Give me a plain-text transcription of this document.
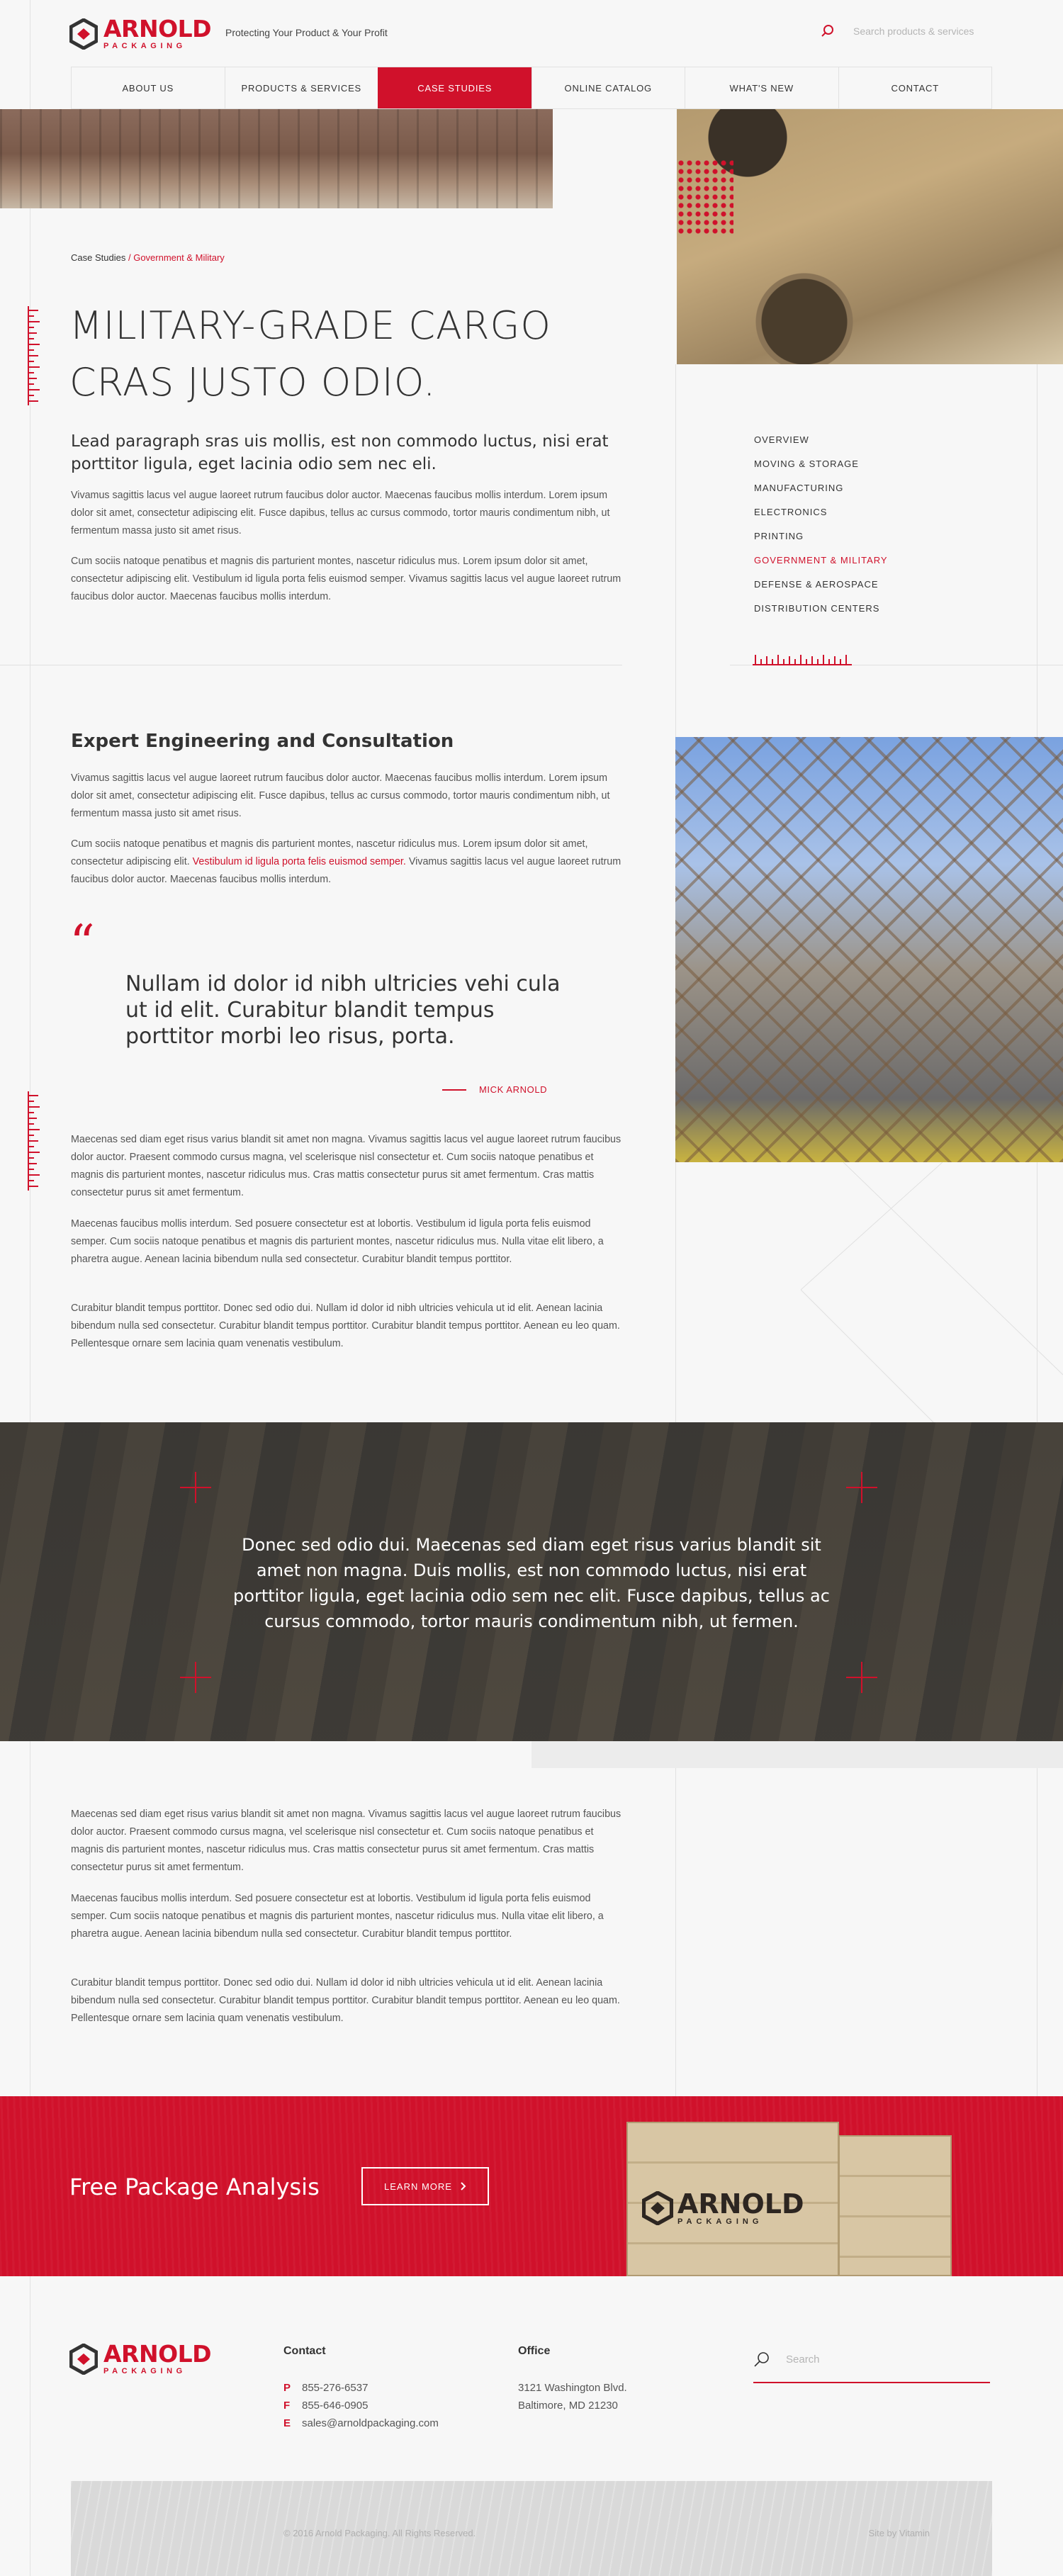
ARNOLD
PACKAGING
Protecting Your Product & Your Profit	Search products & services
ABOUT US	PRODUCTS & SERVICES	CASE STUDIES	ONLINE CATALOG	WHAT'S NEW	CONTACT
Case Studies / Government & Military
MILITARY-GRADE CARGO CRAS JUSTO ODIO.

Lead paragraph sras uis mollis, est non commodo luctus, nisi erat porttitor ligula, eget lacinia odio sem nec eli.

Vivamus sagittis lacus vel augue laoreet rutrum faucibus dolor auctor. Maecenas faucibus mollis interdum. Lorem ipsum dolor sit amet, consectetur adipiscing elit. Fusce dapibus, tellus ac cursus commodo, tortor mauris condimentum nibh, ut fermentum massa justo sit amet risus.

Cum sociis natoque penatibus et magnis dis parturient montes, nascetur ridiculus mus. Lorem ipsum dolor sit amet, consectetur adipiscing elit. Vestibulum id ligula porta felis euismod semper. Vivamus sagittis lacus vel augue laoreet rutrum faucibus dolor auctor. Maecenas faucibus mollis interdum.

OVERVIEW
MOVING & STORAGE
MANUFACTURING
ELECTRONICS
PRINTING
GOVERNMENT & MILITARY
DEFENSE & AEROSPACE
DISTRIBUTION CENTERS
Expert Engineering and Consultation

Vivamus sagittis lacus vel augue laoreet rutrum faucibus dolor auctor. Maecenas faucibus mollis interdum. Lorem ipsum dolor sit amet, consectetur adipiscing elit. Fusce dapibus, tellus ac cursus commodo, tortor mauris condimentum nibh, ut fermentum massa justo sit amet risus.

Cum sociis natoque penatibus et magnis dis parturient montes, nascetur ridiculus mus. Lorem ipsum dolor sit amet, consectetur adipiscing elit. Vestibulum id ligula porta felis euismod semper. Vivamus sagittis lacus vel augue laoreet rutrum faucibus dolor auctor. Maecenas faucibus mollis interdum.

“
Nullam id dolor id nibh ultricies vehi cula ut id elit. Curabitur blandit tempus porttitor morbi leo risus, porta.
MICK ARNOLD

Maecenas sed diam eget risus varius blandit sit amet non magna. Vivamus sagittis lacus vel augue laoreet rutrum faucibus dolor auctor. Praesent commodo cursus magna, vel scelerisque nisl consectetur et. Cum sociis natoque penatibus et magnis dis parturient montes, nascetur ridiculus mus. Cras mattis consectetur purus sit amet fermentum. Cras mattis consectetur purus sit amet fermentum.

Maecenas faucibus mollis interdum. Sed posuere consectetur est at lobortis. Vestibulum id ligula porta felis euismod semper. Cum sociis natoque penatibus et magnis dis parturient montes, nascetur ridiculus mus. Nulla vitae elit libero, a pharetra augue. Aenean lacinia bibendum nulla sed consectetur. Curabitur blandit tempus porttitor.

Curabitur blandit tempus porttitor. Donec sed odio dui. Nullam id dolor id nibh ultricies vehicula ut id elit. Aenean lacinia bibendum nulla sed consectetur. Curabitur blandit tempus porttitor. Curabitur blandit tempus porttitor. Aenean eu leo quam. Pellentesque ornare sem lacinia quam venenatis vestibulum.

Donec sed odio dui. Maecenas sed diam eget risus varius blandit sit amet non magna. Duis mollis, est non commodo luctus, nisi erat porttitor ligula, eget lacinia odio sem nec elit. Fusce dapibus, tellus ac cursus commodo, tortor mauris condimentum nibh, ut fermen.

Maecenas sed diam eget risus varius blandit sit amet non magna. Vivamus sagittis lacus vel augue laoreet rutrum faucibus dolor auctor. Praesent commodo cursus magna, vel scelerisque nisl consectetur et. Cum sociis natoque penatibus et magnis dis parturient montes, nascetur ridiculus mus. Cras mattis consectetur purus sit amet fermentum. Cras mattis consectetur purus sit amet fermentum.

Maecenas faucibus mollis interdum. Sed posuere consectetur est at lobortis. Vestibulum id ligula porta felis euismod semper. Cum sociis natoque penatibus et magnis dis parturient montes, nascetur ridiculus mus. Nulla vitae elit libero, a pharetra augue. Aenean lacinia bibendum nulla sed consectetur. Curabitur blandit tempus porttitor.

Curabitur blandit tempus porttitor. Donec sed odio dui. Nullam id dolor id nibh ultricies vehicula ut id elit. Aenean lacinia bibendum nulla sed consectetur. Curabitur blandit tempus porttitor. Curabitur blandit tempus porttitor. Aenean eu leo quam. Pellentesque ornare sem lacinia quam venenatis vestibulum.

Free Package Analysis	LEARN MORE
ARNOLD
PACKAGING
ARNOLD
PACKAGING
Contact
P 855-276-6537
F 855-646-0905
E sales@arnoldpackaging.com
Office
3121 Washington Blvd.
Baltimore, MD 21230
Search
© 2016 Arnold Packaging. All Rights Reserved.	Site by Vitamin
